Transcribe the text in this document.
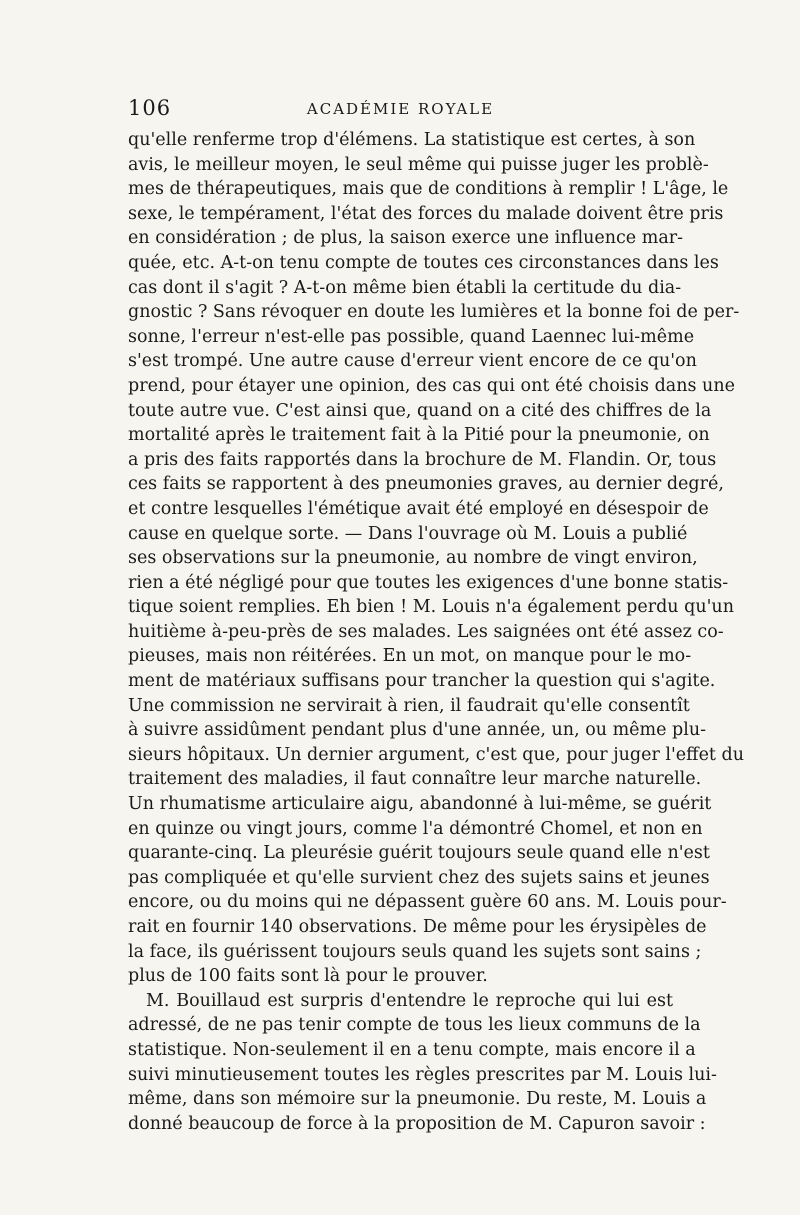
106	ACADÉMIE ROYALE
qu'elle renferme trop d'élémens. La statistique est certes, à son
avis, le meilleur moyen, le seul même qui puisse juger les problè-
mes de thérapeutiques, mais que de conditions à remplir ! L'âge, le
sexe, le tempérament, l'état des forces du malade doivent être pris
en considération ; de plus, la saison exerce une influence mar-
quée, etc. A-t-on tenu compte de toutes ces circonstances dans les
cas dont il s'agit ? A-t-on même bien établi la certitude du dia-
gnostic ? Sans révoquer en doute les lumières et la bonne foi de per-
sonne, l'erreur n'est-elle pas possible, quand Laennec lui-même
s'est trompé. Une autre cause d'erreur vient encore de ce qu'on
prend, pour étayer une opinion, des cas qui ont été choisis dans une
toute autre vue. C'est ainsi que, quand on a cité des chiffres de la
mortalité après le traitement fait à la Pitié pour la pneumonie, on
a pris des faits rapportés dans la brochure de M. Flandin. Or, tous
ces faits se rapportent à des pneumonies graves, au dernier degré,
et contre lesquelles l'émétique avait été employé en désespoir de
cause en quelque sorte. — Dans l'ouvrage où M. Louis a publié
ses observations sur la pneumonie, au nombre de vingt environ,
rien a été négligé pour que toutes les exigences d'une bonne statis-
tique soient remplies. Eh bien ! M. Louis n'a également perdu qu'un
huitième à-peu-près de ses malades. Les saignées ont été assez co-
pieuses, mais non réitérées. En un mot, on manque pour le mo-
ment de matériaux suffisans pour trancher la question qui s'agite.
Une commission ne servirait à rien, il faudrait qu'elle consentît
à suivre assidûment pendant plus d'une année, un, ou même plu-
sieurs hôpitaux. Un dernier argument, c'est que, pour juger l'effet du
traitement des maladies, il faut connaître leur marche naturelle.
Un rhumatisme articulaire aigu, abandonné à lui-même, se guérit
en quinze ou vingt jours, comme l'a démontré Chomel, et non en
quarante-cinq. La pleurésie guérit toujours seule quand elle n'est
pas compliquée et qu'elle survient chez des sujets sains et jeunes
encore, ou du moins qui ne dépassent guère 60 ans. M. Louis pour-
rait en fournir 140 observations. De même pour les érysipèles de
la face, ils guérissent toujours seuls quand les sujets sont sains ;
plus de 100 faits sont là pour le prouver.
M. Bouillaud est surpris d'entendre le reproche qui lui est
adressé, de ne pas tenir compte de tous les lieux communs de la
statistique. Non-seulement il en a tenu compte, mais encore il a
suivi minutieusement toutes les règles prescrites par M. Louis lui-
même, dans son mémoire sur la pneumonie. Du reste, M. Louis a
donné beaucoup de force à la proposition de M. Capuron savoir :
